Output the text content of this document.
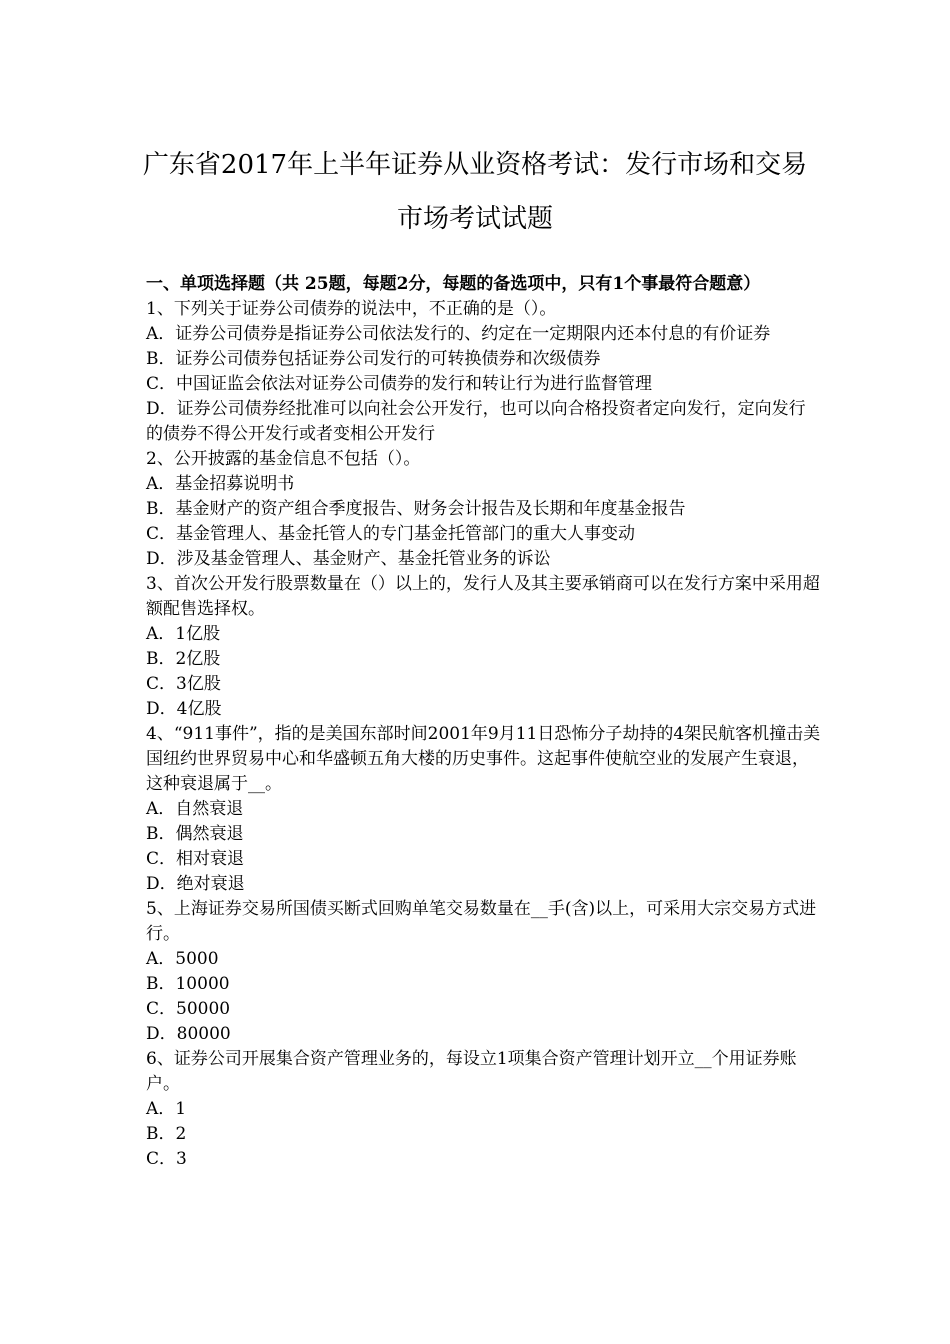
广东省2017年上半年证券从业资格考试：发行市场和交易
市场考试试题

一、单项选择题（共 25题，每题2分，每题的备选项中，只有1个事最符合题意）

1、下列关于证券公司债券的说法中，不正确的是（）。

A．证券公司债券是指证券公司依法发行的、约定在一定期限内还本付息的有价证券

B．证券公司债券包括证券公司发行的可转换债券和次级债券

C．中国证监会依法对证券公司债券的发行和转让行为进行监督管理

D．证券公司债券经批准可以向社会公开发行，也可以向合格投资者定向发行，定向发行的债券不得公开发行或者变相公开发行

2、公开披露的基金信息不包括（）。

A．基金招募说明书

B．基金财产的资产组合季度报告、财务会计报告及长期和年度基金报告

C．基金管理人、基金托管人的专门基金托管部门的重大人事变动

D．涉及基金管理人、基金财产、基金托管业务的诉讼

3、首次公开发行股票数量在（）以上的，发行人及其主要承销商可以在发行方案中采用超额配售选择权。

A．1亿股

B．2亿股

C．3亿股

D．4亿股

4、“911事件”，指的是美国东部时间2001年9月11日恐怖分子劫持的4架民航客机撞击美国纽约世界贸易中心和华盛顿五角大楼的历史事件。这起事件使航空业的发展产生衰退，这种衰退属于__。

A．自然衰退

B．偶然衰退

C．相对衰退

D．绝对衰退

5、上海证券交易所国债买断式回购单笔交易数量在__手(含)以上，可采用大宗交易方式进行。

A．5000

B．10000

C．50000

D．80000

6、证券公司开展集合资产管理业务的，每设立1项集合资产管理计划开立__个用证券账户。

A．1

B．2

C．3
